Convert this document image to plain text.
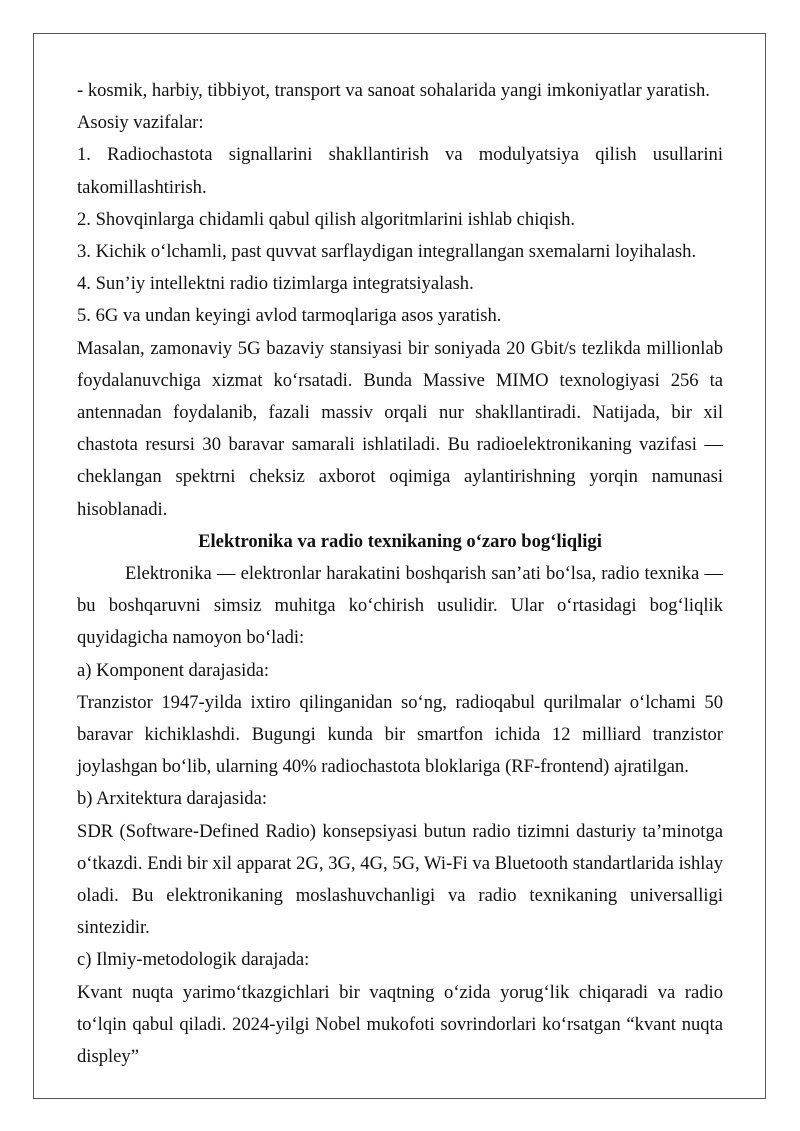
- kosmik, harbiy, tibbiyot, transport va sanoat sohalarida yangi imkoniyatlar yaratish.

Asosiy vazifalar:

1. Radiochastota signallarini shakllantirish va modulyatsiya qilish usullarini takomillashtirish.

2. Shovqinlarga chidamli qabul qilish algoritmlarini ishlab chiqish.

3. Kichik o‘lchamli, past quvvat sarflaydigan integrallangan sxemalarni loyihalash.

4. Sun’iy intellektni radio tizimlarga integratsiyalash.

5. 6G va undan keyingi avlod tarmoqlariga asos yaratish.

Masalan, zamonaviy 5G bazaviy stansiyasi bir soniyada 20 Gbit/s tezlikda millionlab foydalanuvchiga xizmat ko‘rsatadi. Bunda Massive MIMO texnologiyasi 256 ta antennadan foydalanib, fazali massiv orqali nur shakllantiradi. Natijada, bir xil chastota resursi 30 baravar samarali ishlatiladi. Bu radioelektronikaning vazifasi — cheklangan spektrni cheksiz axborot oqimiga aylantirishning yorqin namunasi hisoblanadi.

Elektronika va radio texnikaning o‘zaro bog‘liqligi

Elektronika — elektronlar harakatini boshqarish san’ati bo‘lsa, radio texnika — bu boshqaruvni simsiz muhitga ko‘chirish usulidir. Ular o‘rtasidagi bog‘liqlik quyidagicha namoyon bo‘ladi:

a) Komponent darajasida:

Tranzistor 1947-yilda ixtiro qilinganidan so‘ng, radioqabul qurilmalar o‘lchami 50 baravar kichiklashdi. Bugungi kunda bir smartfon ichida 12 milliard tranzistor joylashgan bo‘lib, ularning 40% radiochastota bloklariga (RF-frontend) ajratilgan.

b) Arxitektura darajasida:

SDR (Software-Defined Radio) konsepsiyasi butun radio tizimni dasturiy ta’minotga o‘tkazdi. Endi bir xil apparat 2G, 3G, 4G, 5G, Wi-Fi va Bluetooth standartlarida ishlay oladi. Bu elektronikaning moslashuvchanligi va radio texnikaning universalligi sintezidir.

c) Ilmiy-metodologik darajada:

Kvant nuqta yarimo‘tkazgichlari bir vaqtning o‘zida yorug‘lik chiqaradi va radio to‘lqin qabul qiladi. 2024-yilgi Nobel mukofoti sovrindorlari ko‘rsatgan “kvant nuqta displey”
